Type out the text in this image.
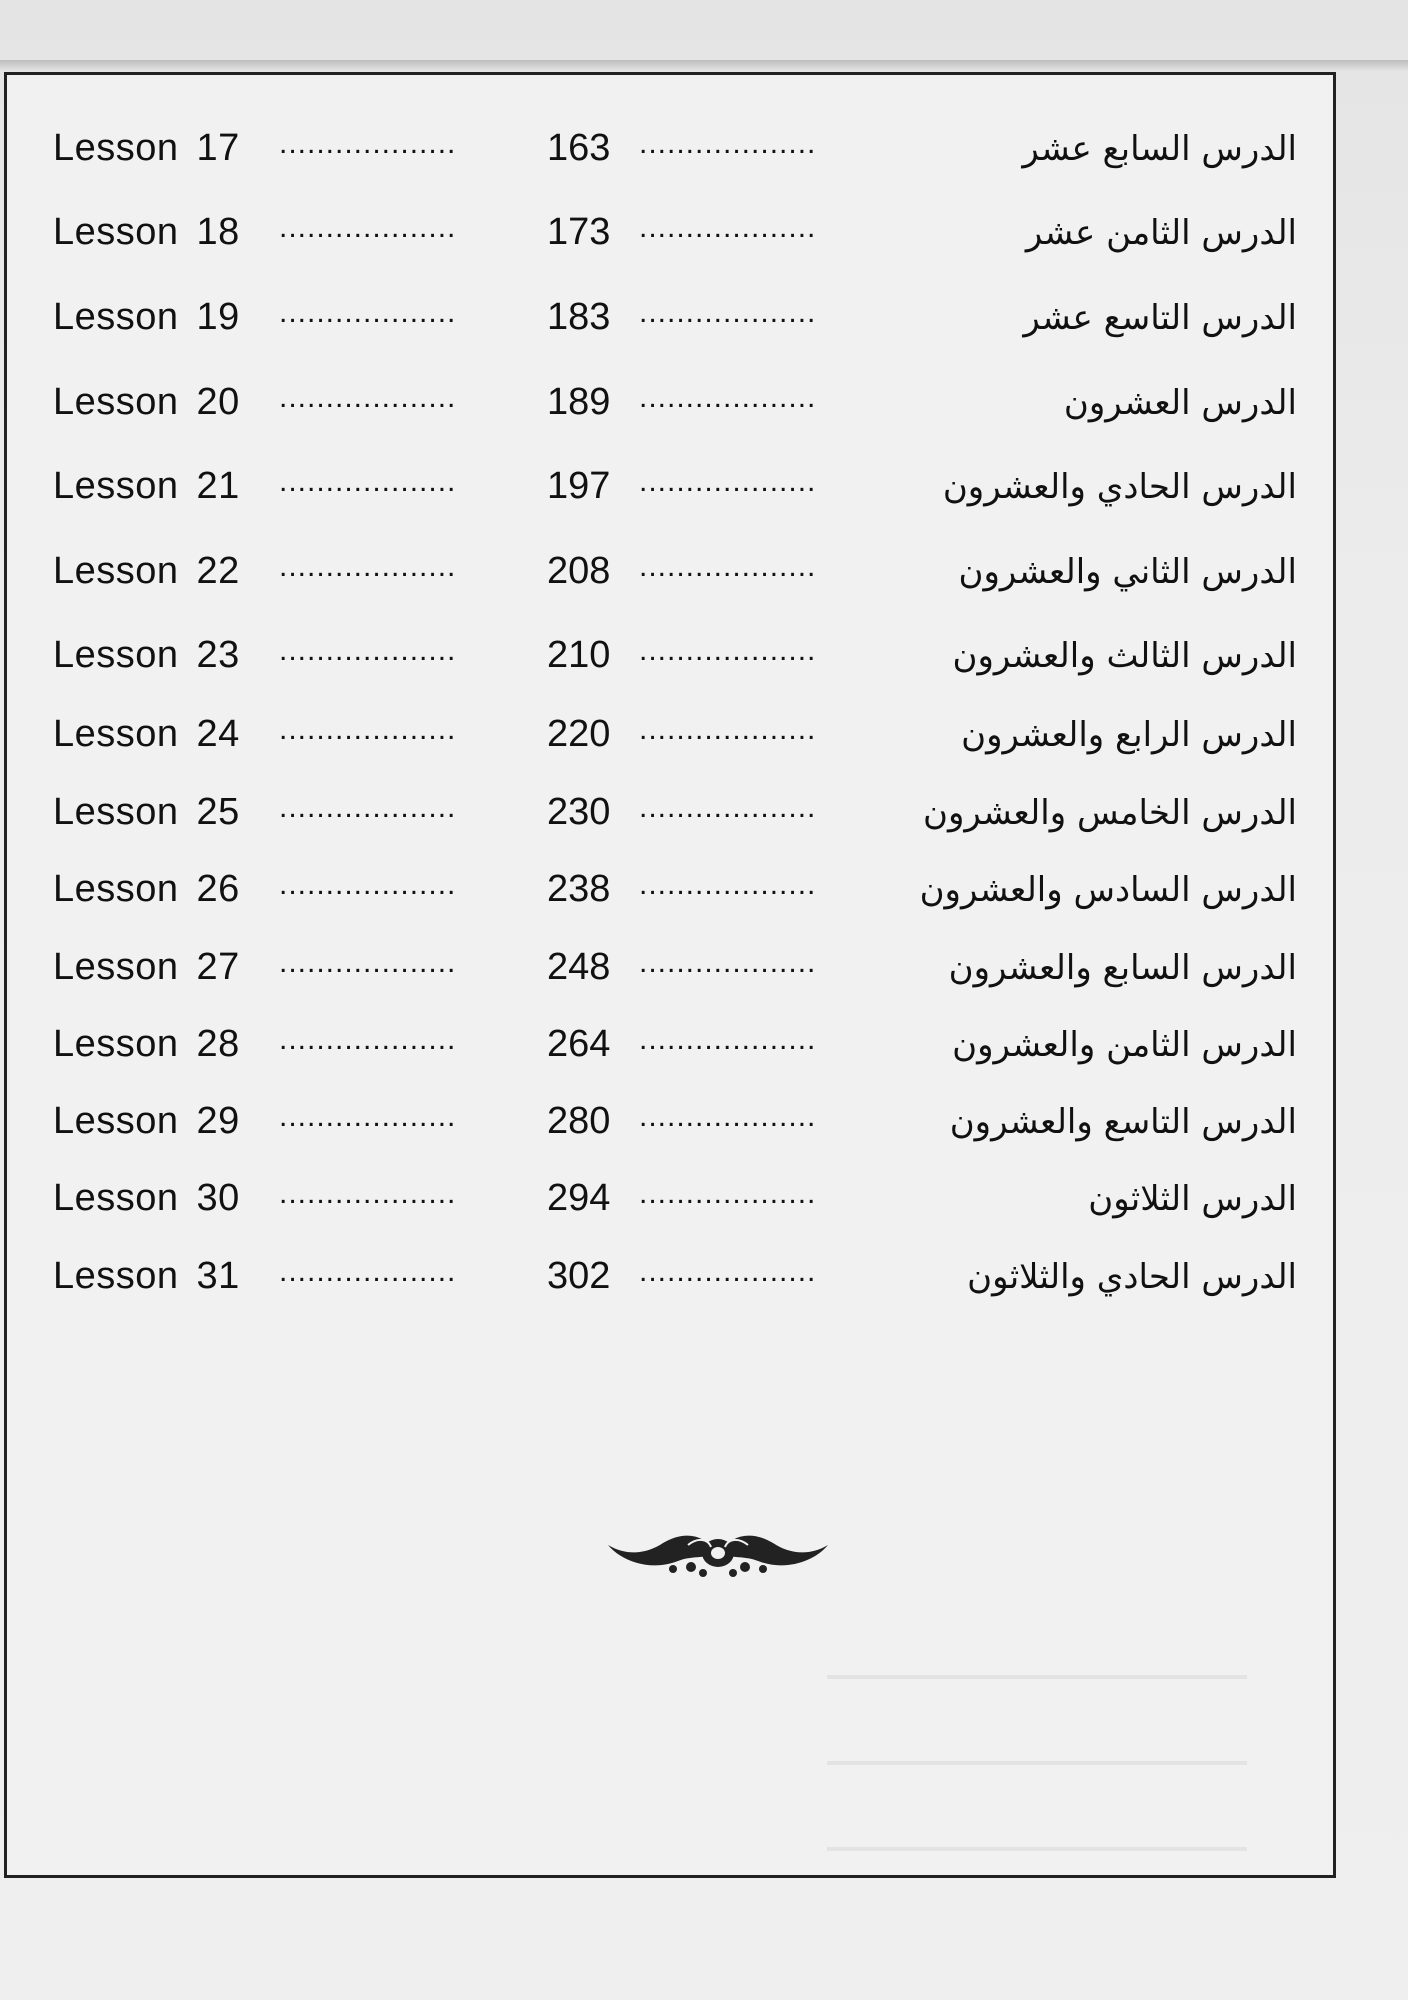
Lesson 17 ...................	163 ...................	الدرس السابع عشر
Lesson 18 ...................	173 ...................	الدرس الثامن عشر
Lesson 19 ...................	183 ...................	الدرس التاسع عشر
Lesson 20 ...................	189 ...................	الدرس العشرون
Lesson 21 ...................	197 ...................	الدرس الحادي والعشرون
Lesson 22 ...................	208 ...................	الدرس الثاني والعشرون
Lesson 23 ...................	210 ...................	الدرس الثالث والعشرون
Lesson 24 ...................	220 ...................	الدرس الرابع والعشرون
Lesson 25 ...................	230 ...................	الدرس الخامس والعشرون
Lesson 26 ...................	238 ...................	الدرس السادس والعشرون
Lesson 27 ...................	248 ...................	الدرس السابع والعشرون
Lesson 28 ...................	264 ...................	الدرس الثامن والعشرون
Lesson 29 ...................	280 ...................	الدرس التاسع والعشرون
Lesson 30 ...................	294 ...................	الدرس الثلاثون
Lesson 31 ...................	302 ...................	الدرس الحادي والثلاثون
